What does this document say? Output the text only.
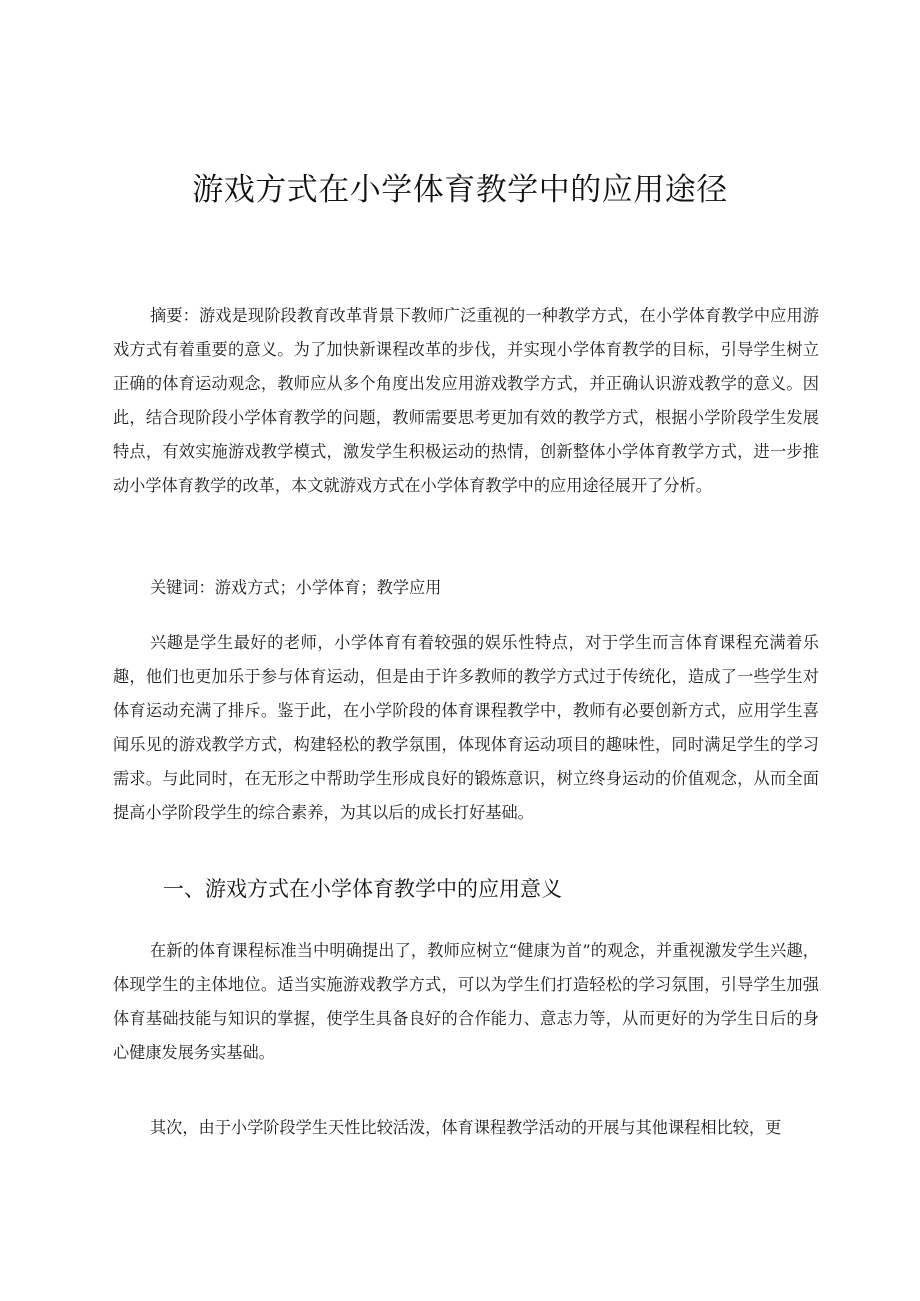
游戏方式在小学体育教学中的应用途径

摘要：游戏是现阶段教育改革背景下教师广泛重视的一种教学方式，在小学体育教学中应用游戏方式有着重要的意义。为了加快新课程改革的步伐，并实现小学体育教学的目标，引导学生树立正确的体育运动观念，教师应从多个角度出发应用游戏教学方式，并正确认识游戏教学的意义。因此，结合现阶段小学体育教学的问题，教师需要思考更加有效的教学方式，根据小学阶段学生发展特点，有效实施游戏教学模式，激发学生积极运动的热情，创新整体小学体育教学方式，进一步推动小学体育教学的改革，本文就游戏方式在小学体育教学中的应用途径展开了分析。

关键词：游戏方式；小学体育；教学应用

兴趣是学生最好的老师，小学体育有着较强的娱乐性特点，对于学生而言体育课程充满着乐趣，他们也更加乐于参与体育运动，但是由于许多教师的教学方式过于传统化，造成了一些学生对体育运动充满了排斥。鉴于此，在小学阶段的体育课程教学中，教师有必要创新方式，应用学生喜闻乐见的游戏教学方式，构建轻松的教学氛围，体现体育运动项目的趣味性，同时满足学生的学习需求。与此同时，在无形之中帮助学生形成良好的锻炼意识，树立终身运动的价值观念，从而全面提高小学阶段学生的综合素养，为其以后的成长打好基础。

一、游戏方式在小学体育教学中的应用意义

在新的体育课程标准当中明确提出了，教师应树立“健康为首”的观念，并重视激发学生兴趣，体现学生的主体地位。适当实施游戏教学方式，可以为学生们打造轻松的学习氛围，引导学生加强体育基础技能与知识的掌握，使学生具备良好的合作能力、意志力等，从而更好的为学生日后的身心健康发展务实基础。

其次，由于小学阶段学生天性比较活泼，体育课程教学活动的开展与其他课程相比较，更
